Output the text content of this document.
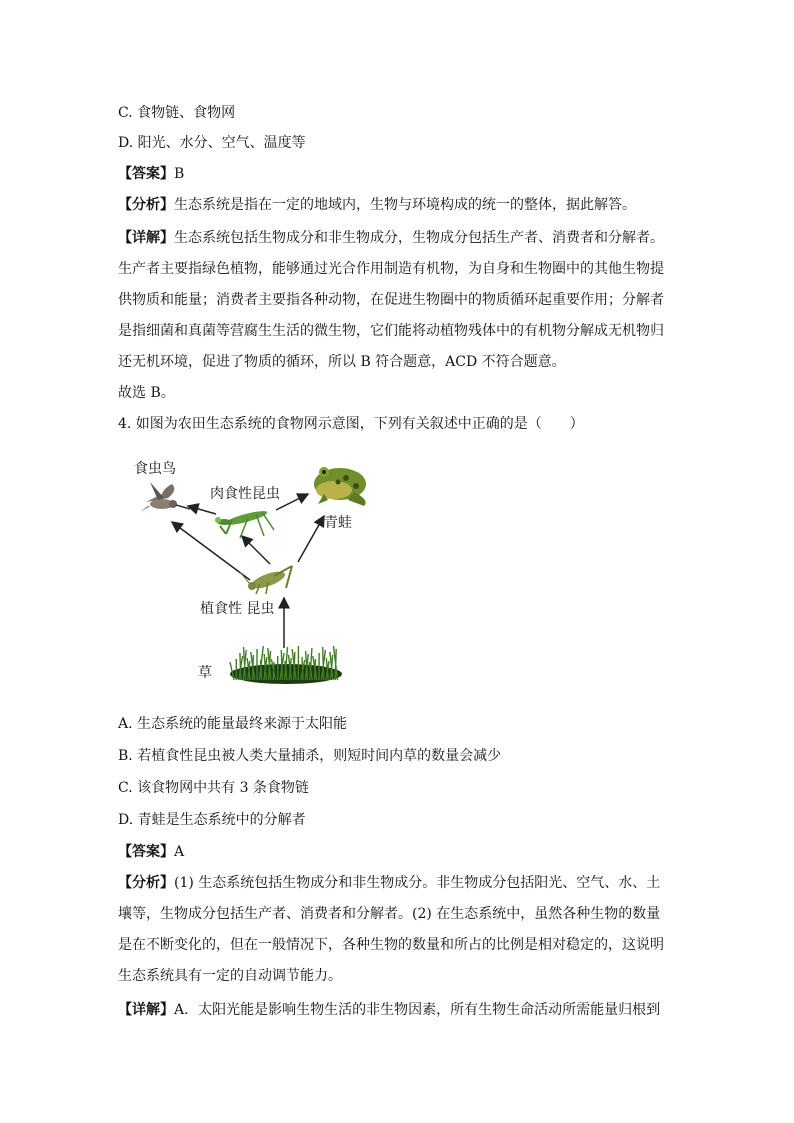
C. 食物链、食物网
D. 阳光、水分、空气、温度等
【答案】B
【分析】生态系统是指在一定的地域内，生物与环境构成的统一的整体，据此解答。
【详解】生态系统包括生物成分和非生物成分，生物成分包括生产者、消费者和分解者。
生产者主要指绿色植物，能够通过光合作用制造有机物，为自身和生物圈中的其他生物提
供物质和能量；消费者主要指各种动物，在促进生物圈中的物质循环起重要作用；分解者
是指细菌和真菌等营腐生生活的微生物，它们能将动植物残体中的有机物分解成无机物归
还无机环境，促进了物质的循环，所以 B 符合题意，ACD 不符合题意。
故选 B。
4. 如图为农田生态系统的食物网示意图，下列有关叙述中正确的是（　　）
食虫鸟
肉食性昆虫
青蛙
植食性 昆虫
草
A. 生态系统的能量最终来源于太阳能
B. 若植食性昆虫被人类大量捕杀，则短时间内草的数量会减少
C. 该食物网中共有 3 条食物链
D. 青蛙是生态系统中的分解者
【答案】A
【分析】(1) 生态系统包括生物成分和非生物成分。非生物成分包括阳光、空气、水、土
壤等，生物成分包括生产者、消费者和分解者。(2) 在生态系统中，虽然各种生物的数量
是在不断变化的，但在一般情况下，各种生物的数量和所占的比例是相对稳定的，这说明
生态系统具有一定的自动调节能力。
【详解】A．太阳光能是影响生物生活的非生物因素，所有生物生命活动所需能量归根到
